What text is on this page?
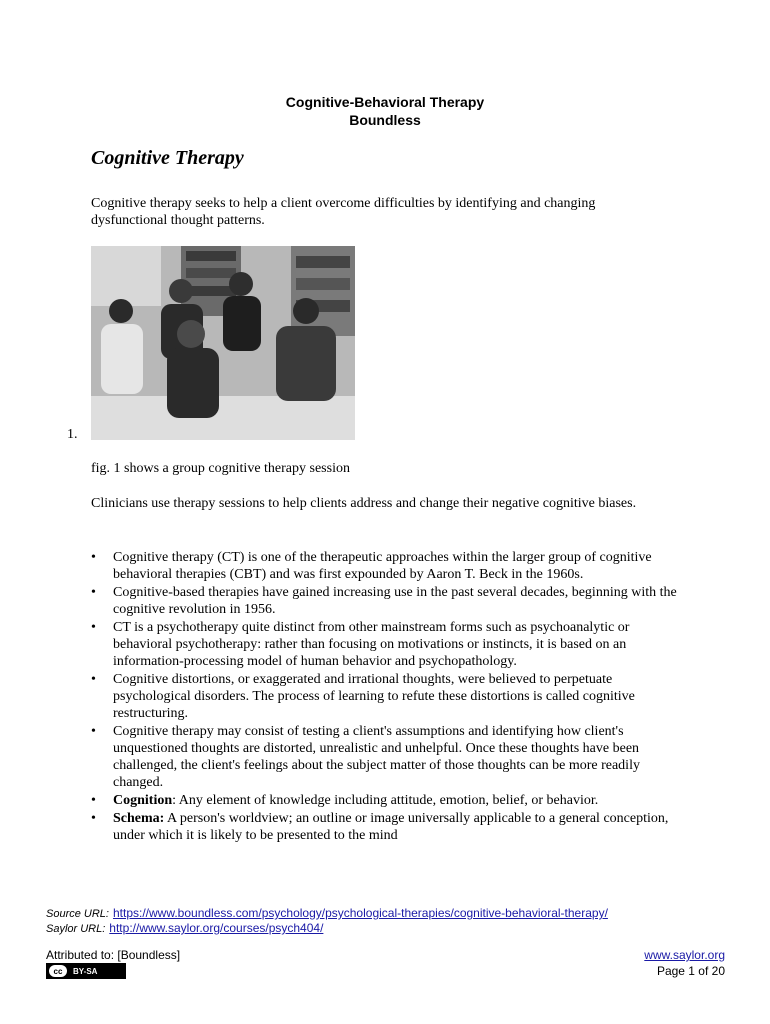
Cognitive-Behavioral Therapy
Boundless
Cognitive Therapy
Cognitive therapy seeks to help a client overcome difficulties by identifying and changing dysfunctional thought patterns.
1.
fig. 1 shows a group cognitive therapy session
Clinicians use therapy sessions to help clients address and change their negative cognitive biases.
• Cognitive therapy (CT) is one of the therapeutic approaches within the larger group of cognitive behavioral therapies (CBT) and was first expounded by Aaron T. Beck in the 1960s.
• Cognitive-based therapies have gained increasing use in the past several decades, beginning with the cognitive revolution in 1956.
• CT is a psychotherapy quite distinct from other mainstream forms such as psychoanalytic or behavioral psychotherapy: rather than focusing on motivations or instincts, it is based on an information-processing model of human behavior and psychopathology.
• Cognitive distortions, or exaggerated and irrational thoughts, were believed to perpetuate psychological disorders. The process of learning to refute these distortions is called cognitive restructuring.
• Cognitive therapy may consist of testing a client's assumptions and identifying how client's unquestioned thoughts are distorted, unrealistic and unhelpful. Once these thoughts have been challenged, the client's feelings about the subject matter of those thoughts can be more readily changed.
• Cognition: Any element of knowledge including attitude, emotion, belief, or behavior.
• Schema: A person's worldview; an outline or image universally applicable to a general conception, under which it is likely to be presented to the mind
Source URL: https://www.boundless.com/psychology/psychological-therapies/cognitive-behavioral-therapy/
Saylor URL: http://www.saylor.org/courses/psych404/
Attributed to: [Boundless]
cc	BY-SA
www.saylor.org
Page 1 of 20
